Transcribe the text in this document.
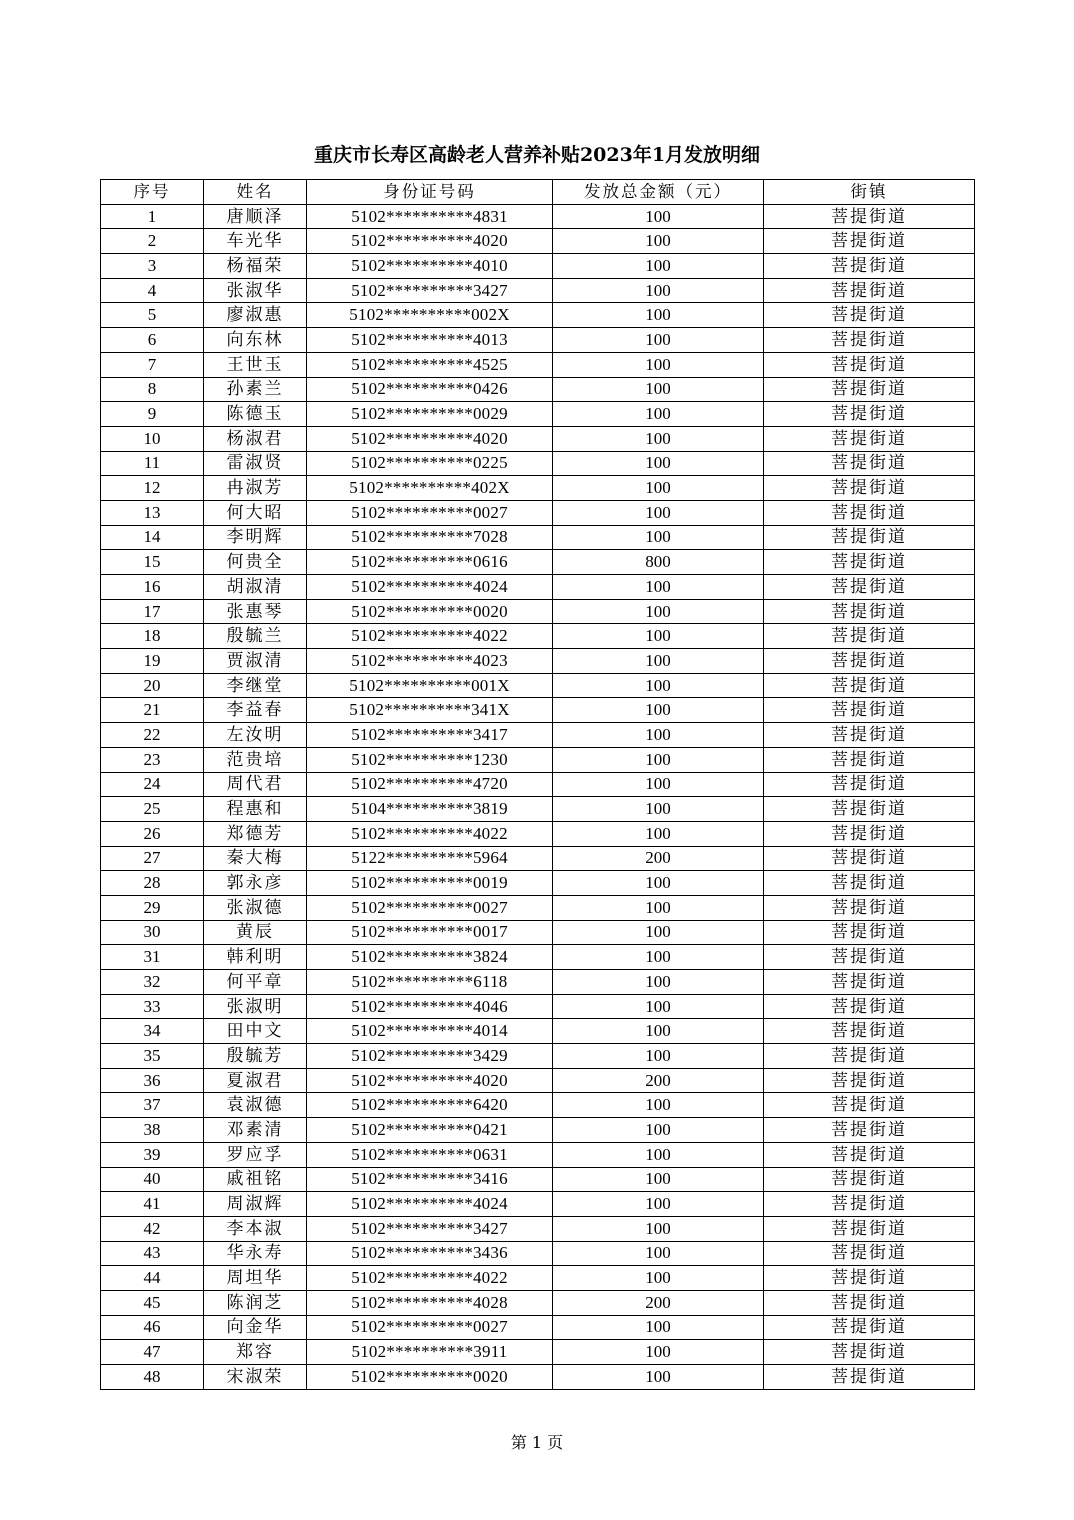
重庆市长寿区高龄老人营养补贴2023年1月发放明细
序号	姓名	身份证号码	发放总金额（元）	街镇
1	唐顺泽	5102**********4831	100	菩提街道
2	车光华	5102**********4020	100	菩提街道
3	杨福荣	5102**********4010	100	菩提街道
4	张淑华	5102**********3427	100	菩提街道
5	廖淑惠	5102**********002X	100	菩提街道
6	向东林	5102**********4013	100	菩提街道
7	王世玉	5102**********4525	100	菩提街道
8	孙素兰	5102**********0426	100	菩提街道
9	陈德玉	5102**********0029	100	菩提街道
10	杨淑君	5102**********4020	100	菩提街道
11	雷淑贤	5102**********0225	100	菩提街道
12	冉淑芳	5102**********402X	100	菩提街道
13	何大昭	5102**********0027	100	菩提街道
14	李明辉	5102**********7028	100	菩提街道
15	何贵全	5102**********0616	800	菩提街道
16	胡淑清	5102**********4024	100	菩提街道
17	张惠琴	5102**********0020	100	菩提街道
18	殷毓兰	5102**********4022	100	菩提街道
19	贾淑清	5102**********4023	100	菩提街道
20	李继堂	5102**********001X	100	菩提街道
21	李益春	5102**********341X	100	菩提街道
22	左汝明	5102**********3417	100	菩提街道
23	范贵培	5102**********1230	100	菩提街道
24	周代君	5102**********4720	100	菩提街道
25	程惠和	5104**********3819	100	菩提街道
26	郑德芳	5102**********4022	100	菩提街道
27	秦大梅	5122**********5964	200	菩提街道
28	郭永彦	5102**********0019	100	菩提街道
29	张淑德	5102**********0027	100	菩提街道
30	黄辰	5102**********0017	100	菩提街道
31	韩利明	5102**********3824	100	菩提街道
32	何平章	5102**********6118	100	菩提街道
33	张淑明	5102**********4046	100	菩提街道
34	田中文	5102**********4014	100	菩提街道
35	殷毓芳	5102**********3429	100	菩提街道
36	夏淑君	5102**********4020	200	菩提街道
37	袁淑德	5102**********6420	100	菩提街道
38	邓素清	5102**********0421	100	菩提街道
39	罗应孚	5102**********0631	100	菩提街道
40	戚祖铭	5102**********3416	100	菩提街道
41	周淑辉	5102**********4024	100	菩提街道
42	李本淑	5102**********3427	100	菩提街道
43	华永寿	5102**********3436	100	菩提街道
44	周坦华	5102**********4022	100	菩提街道
45	陈润芝	5102**********4028	200	菩提街道
46	向金华	5102**********0027	100	菩提街道
47	郑容	5102**********3911	100	菩提街道
48	宋淑荣	5102**********0020	100	菩提街道
第 1 页
